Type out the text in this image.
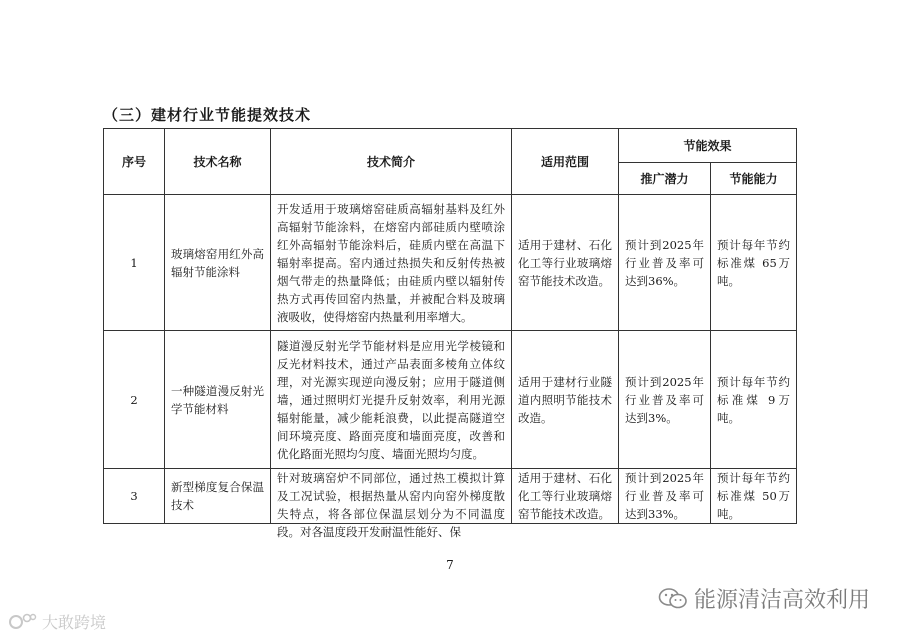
（三）建材行业节能提效技术
序号	技术名称	技术简介	适用范围	节能效果	
				推广潜力	节能能力
1	玻璃熔窑用红外高辐射节能涂料	开发适用于玻璃熔窑硅质高辐射基料及红外高辐射节能涂料，在熔窑内部硅质内壁喷涂红外高辐射节能涂料后，硅质内壁在高温下辐射率提高。窑内通过热损失和反射传热被烟气带走的热量降低；由硅质内壁以辐射传热方式再传回窑内热量，并被配合料及玻璃液吸收，使得熔窑内热量利用率增大。	适用于建材、石化化工等行业玻璃熔窑节能技术改造。	预计到2025年行业普及率可达到36%。	预计每年节约标准煤 65万吨。
2	一种隧道漫反射光学节能材料	隧道漫反射光学节能材料是应用光学棱镜和反光材料技术，通过产品表面多棱角立体纹理，对光源实现逆向漫反射；应用于隧道侧墙，通过照明灯光提升反射效率，利用光源辐射能量，减少能耗浪费，以此提高隧道空间环境亮度、路面亮度和墙面亮度，改善和优化路面光照均匀度、墙面光照均匀度。	适用于建材行业隧道内照明节能技术改造。	预计到2025年行业普及率可达到3%。	预计每年节约标准煤 9万吨。
3	新型梯度复合保温技术	针对玻璃窑炉不同部位，通过热工模拟计算及工况试验，根据热量从窑内向窑外梯度散失特点，将各部位保温层划分为不同温度段。对各温度段开发耐温性能好、保	适用于建材、石化化工等行业玻璃熔窑节能技术改造。	预计到2025年行业普及率可达到33%。	预计每年节约标准煤 50万吨。
7
能源清洁高效利用
大敢跨境
